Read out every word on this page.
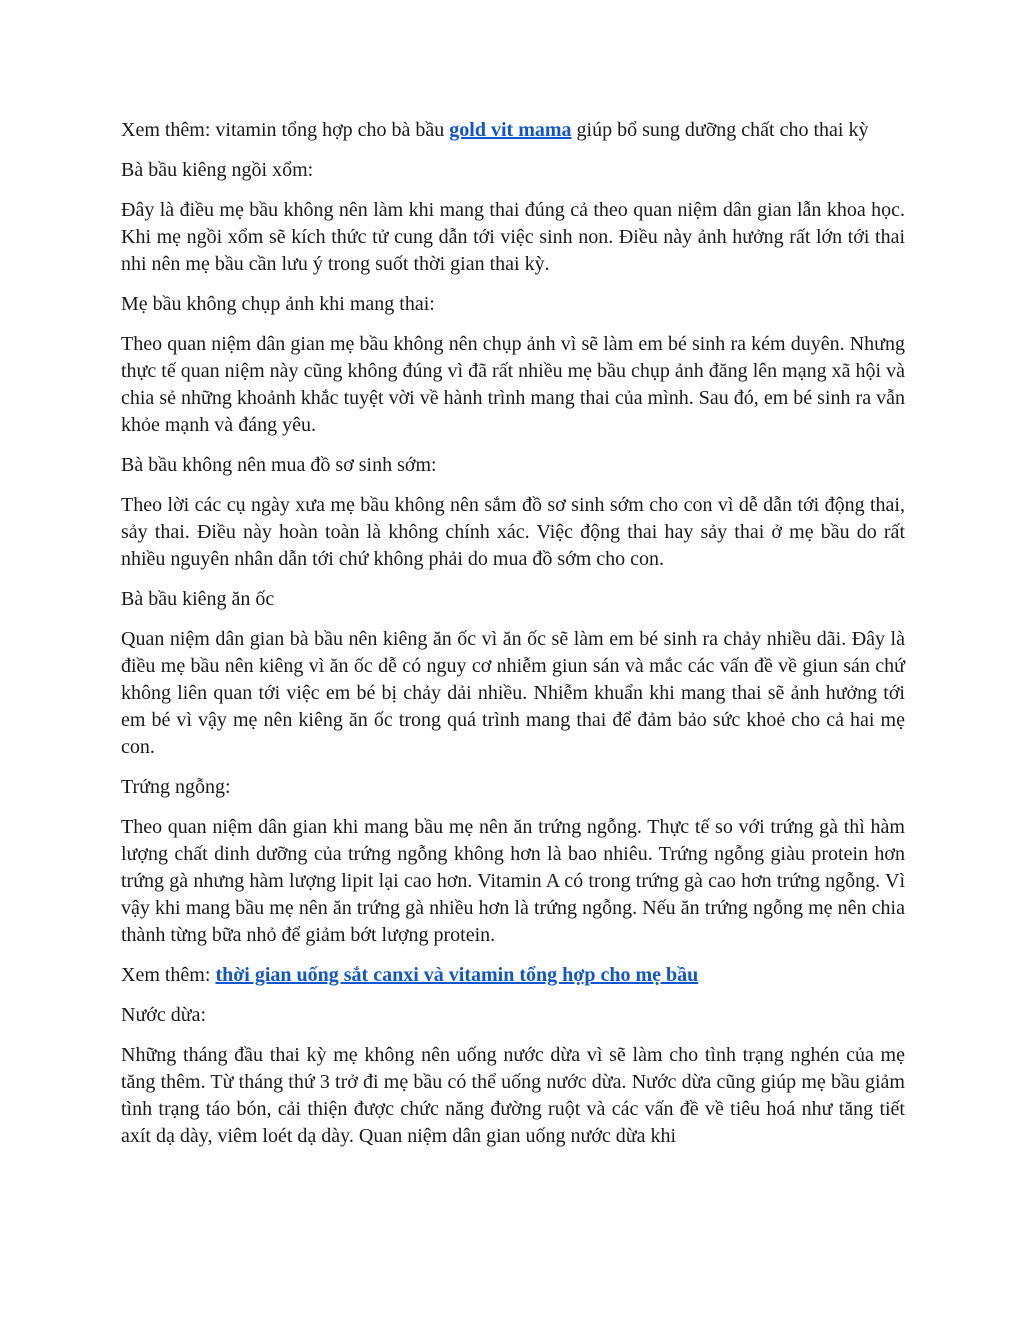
Xem thêm: vitamin tổng hợp cho bà bầu gold vit mama giúp bổ sung dưỡng chất cho thai kỳ

Bà bầu kiêng ngồi xổm:

Đây là điều mẹ bầu không nên làm khi mang thai đúng cả theo quan niệm dân gian lẫn khoa học. Khi mẹ ngồi xổm sẽ kích thức tử cung dẫn tới việc sinh non. Điều này ảnh hưởng rất lớn tới thai nhi nên mẹ bầu cần lưu ý trong suốt thời gian thai kỳ.

Mẹ bầu không chụp ảnh khi mang thai:

Theo quan niệm dân gian mẹ bầu không nên chụp ảnh vì sẽ làm em bé sinh ra kém duyên. Nhưng thực tế quan niệm này cũng không đúng vì đã rất nhiều mẹ bầu chụp ảnh đăng lên mạng xã hội và chia sẻ những khoảnh khắc tuyệt vời về hành trình mang thai của mình. Sau đó, em bé sinh ra vẫn khỏe mạnh và đáng yêu.

Bà bầu không nên mua đồ sơ sinh sớm:

Theo lời các cụ ngày xưa mẹ bầu không nên sắm đồ sơ sinh sớm cho con vì dễ dẫn tới động thai, sảy thai. Điều này hoàn toàn là không chính xác. Việc động thai hay sảy thai ở mẹ bầu do rất nhiều nguyên nhân dẫn tới chứ không phải do mua đồ sớm cho con.

Bà bầu kiêng ăn ốc

Quan niệm dân gian bà bầu nên kiêng ăn ốc vì ăn ốc sẽ làm em bé sinh ra chảy nhiều dãi. Đây là điều mẹ bầu nên kiêng vì ăn ốc dễ có nguy cơ nhiễm giun sán và mắc các vấn đề về giun sán chứ không liên quan tới việc em bé bị chảy dải nhiều. Nhiễm khuẩn khi mang thai sẽ ảnh hưởng tới em bé vì vậy mẹ nên kiêng ăn ốc trong quá trình mang thai để đảm bảo sức khoẻ cho cả hai mẹ con.

Trứng ngỗng:

Theo quan niệm dân gian khi mang bầu mẹ nên ăn trứng ngỗng. Thực tế so với trứng gà thì hàm lượng chất dinh dưỡng của trứng ngỗng không hơn là bao nhiêu. Trứng ngỗng giàu protein hơn trứng gà nhưng hàm lượng lipit lại cao hơn. Vitamin A có trong trứng gà cao hơn trứng ngỗng. Vì vậy khi mang bầu mẹ nên ăn trứng gà nhiều hơn là trứng ngỗng. Nếu ăn trứng ngỗng mẹ nên chia thành từng bữa nhỏ để giảm bớt lượng protein.

Xem thêm: thời gian uống sắt canxi và vitamin tổng hợp cho mẹ bầu

Nước dừa:

Những tháng đầu thai kỳ mẹ không nên uống nước dừa vì sẽ làm cho tình trạng nghén của mẹ tăng thêm. Từ tháng thứ 3 trở đi mẹ bầu có thể uống nước dừa. Nước dừa cũng giúp mẹ bầu giảm tình trạng táo bón, cải thiện được chức năng đường ruột và các vấn đề về tiêu hoá như tăng tiết axít dạ dày, viêm loét dạ dày. Quan niệm dân gian uống nước dừa khi
